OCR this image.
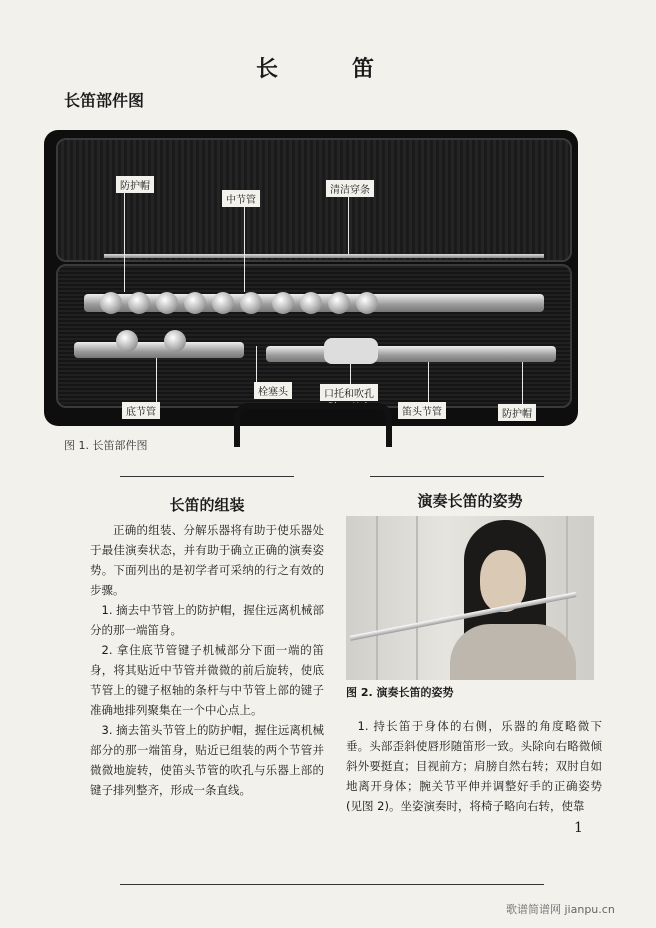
长　笛
长笛部件图
防护帽
中节管
清洁穿条
底节管
栓塞头	口托和吹孔
Blow Hole	笛头节管	防护帽
图 1. 长笛部件图
长笛的组装
正确的组装、分解乐器将有助于使乐器处于最佳演奏状态，并有助于确立正确的演奏姿势。下面列出的是初学者可采纳的行之有效的步骤。
1. 摘去中节管上的防护帽，握住远离机械部分的那一端笛身。
2. 拿住底节管键子机械部分下面一端的笛身，将其贴近中节管并微微的前后旋转，使底节管上的键子枢轴的条杆与中节管上部的键子准确地排列聚集在一个中心点上。
3. 摘去笛头节管上的防护帽，握住远离机械部分的那一端笛身，贴近已组装的两个节管并微微地旋转，使笛头节管的吹孔与乐器上部的键子排列整齐，形成一条直线。
演奏长笛的姿势
图 2. 演奏长笛的姿势
1. 持长笛于身体的右侧，乐器的角度略微下垂。头部歪斜使唇形随笛形一致。头除向右略微倾斜外要挺直；目视前方；肩膀自然右转；双肘自如地离开身体；腕关节平伸并调整好手的正确姿势(见图 2)。坐姿演奏时，将椅子略向右转，使靠
1
歌谱简谱网 jianpu.cn
